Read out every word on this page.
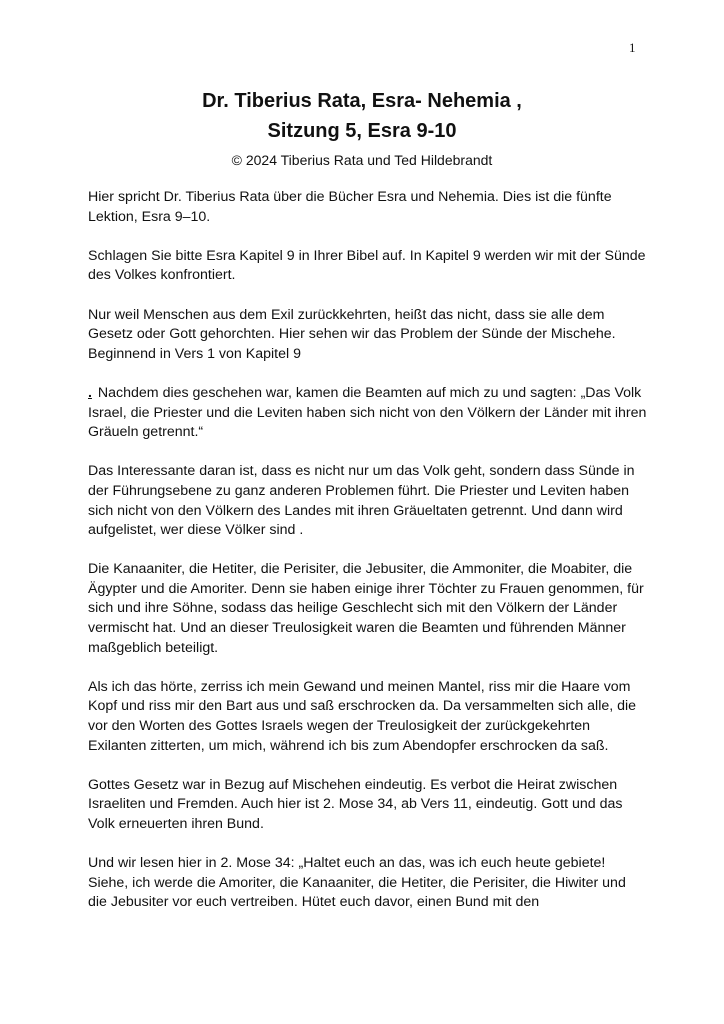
1
Dr. Tiberius Rata, Esra- Nehemia ,
Sitzung 5, Esra 9-10
© 2024 Tiberius Rata und Ted Hildebrandt

Hier spricht Dr. Tiberius Rata über die Bücher Esra und Nehemia. Dies ist die fünfte Lektion, Esra 9–10.

Schlagen Sie bitte Esra Kapitel 9 in Ihrer Bibel auf. In Kapitel 9 werden wir mit der Sünde des Volkes konfrontiert.

Nur weil Menschen aus dem Exil zurückkehrten, heißt das nicht, dass sie alle dem Gesetz oder Gott gehorchten. Hier sehen wir das Problem der Sünde der Mischehe. Beginnend in Vers 1 von Kapitel 9

. Nachdem dies geschehen war, kamen die Beamten auf mich zu und sagten: „Das Volk Israel, die Priester und die Leviten haben sich nicht von den Völkern der Länder mit ihren Gräueln getrennt.“

Das Interessante daran ist, dass es nicht nur um das Volk geht, sondern dass Sünde in der Führungsebene zu ganz anderen Problemen führt. Die Priester und Leviten haben sich nicht von den Völkern des Landes mit ihren Gräueltaten getrennt. Und dann wird aufgelistet, wer diese Völker sind .

Die Kanaaniter, die Hetiter, die Perisiter, die Jebusiter, die Ammoniter, die Moabiter, die Ägypter und die Amoriter. Denn sie haben einige ihrer Töchter zu Frauen genommen, für sich und ihre Söhne, sodass das heilige Geschlecht sich mit den Völkern der Länder vermischt hat. Und an dieser Treulosigkeit waren die Beamten und führenden Männer maßgeblich beteiligt.

Als ich das hörte, zerriss ich mein Gewand und meinen Mantel, riss mir die Haare vom Kopf und riss mir den Bart aus und saß erschrocken da. Da versammelten sich alle, die vor den Worten des Gottes Israels wegen der Treulosigkeit der zurückgekehrten Exilanten zitterten, um mich, während ich bis zum Abendopfer erschrocken da saß.

Gottes Gesetz war in Bezug auf Mischehen eindeutig. Es verbot die Heirat zwischen Israeliten und Fremden. Auch hier ist 2. Mose 34, ab Vers 11, eindeutig. Gott und das Volk erneuerten ihren Bund.

Und wir lesen hier in 2. Mose 34: „Haltet euch an das, was ich euch heute gebiete! Siehe, ich werde die Amoriter, die Kanaaniter, die Hetiter, die Perisiter, die Hiwiter und die Jebusiter vor euch vertreiben. Hütet euch davor, einen Bund mit den
